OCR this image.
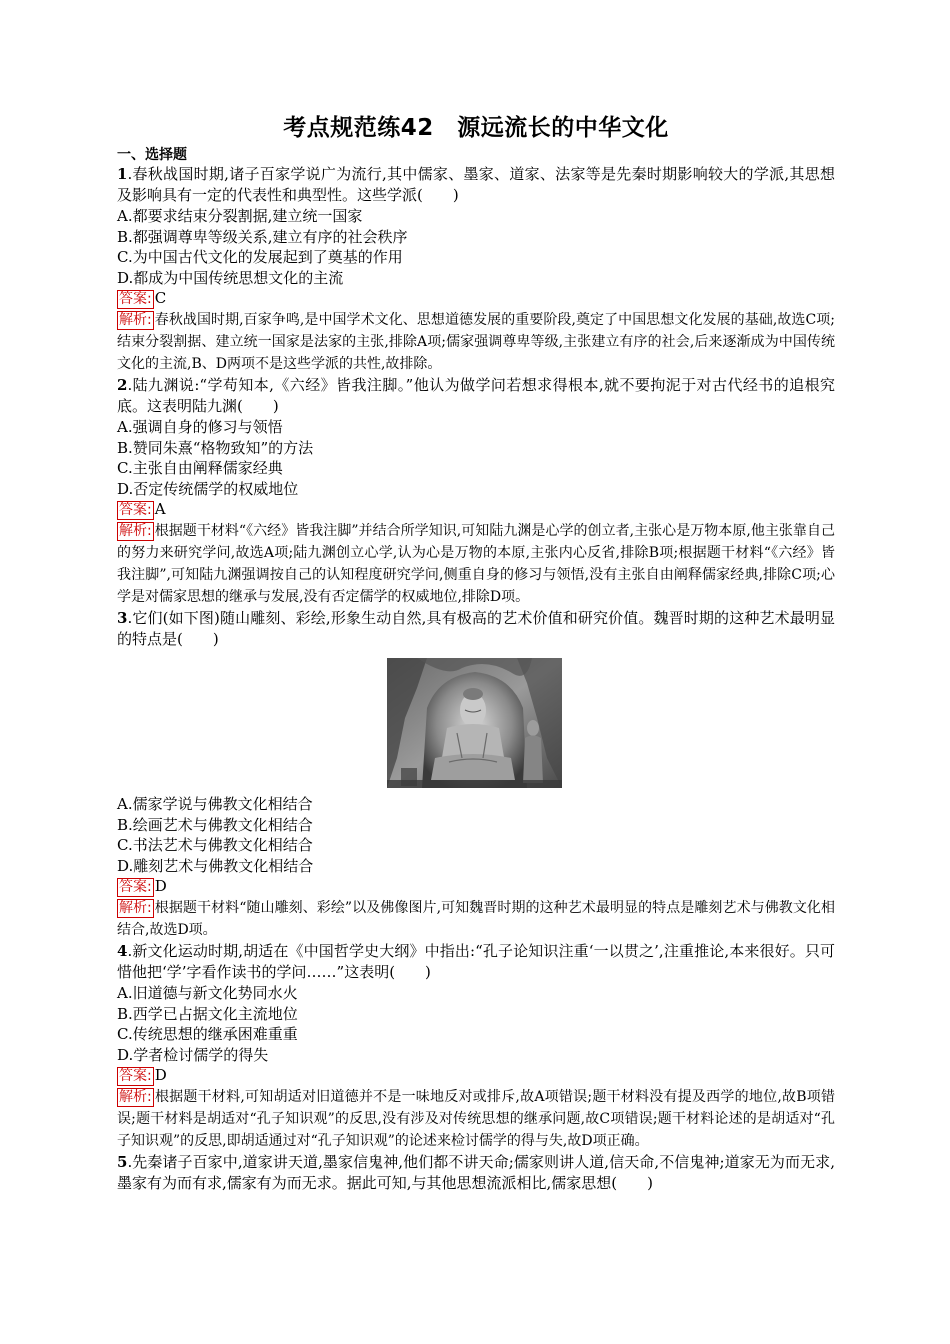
考点规范练42　源远流长的中华文化

一、选择题

1.春秋战国时期,诸子百家学说广为流行,其中儒家、墨家、道家、法家等是先秦时期影响较大的学派,其思想及影响具有一定的代表性和典型性。这些学派(　　)

A.都要求结束分裂割据,建立统一国家

B.都强调尊卑等级关系,建立有序的社会秩序

C.为中国古代文化的发展起到了奠基的作用

D.都成为中国传统思想文化的主流

答案: C

解析: 春秋战国时期,百家争鸣,是中国学术文化、思想道德发展的重要阶段,奠定了中国思想文化发展的基础,故选C项;结束分裂割据、建立统一国家是法家的主张,排除A项;儒家强调尊卑等级,主张建立有序的社会,后来逐渐成为中国传统文化的主流,B、D两项不是这些学派的共性,故排除。

2.陆九渊说:“学苟知本,《六经》皆我注脚。”他认为做学问若想求得根本,就不要拘泥于对古代经书的追根究底。这表明陆九渊(　　)

A.强调自身的修习与领悟

B.赞同朱熹“格物致知”的方法

C.主张自由阐释儒家经典

D.否定传统儒学的权威地位

答案: A

解析: 根据题干材料“《六经》皆我注脚”并结合所学知识,可知陆九渊是心学的创立者,主张心是万物本原,他主张靠自己的努力来研究学问,故选A项;陆九渊创立心学,认为心是万物的本原,主张内心反省,排除B项;根据题干材料“《六经》皆我注脚”,可知陆九渊强调按自己的认知程度研究学问,侧重自身的修习与领悟,没有主张自由阐释儒家经典,排除C项;心学是对儒家思想的继承与发展,没有否定儒学的权威地位,排除D项。

3.它们(如下图)随山雕刻、彩绘,形象生动自然,具有极高的艺术价值和研究价值。魏晋时期的这种艺术最明显的特点是(　　)

A.儒家学说与佛教文化相结合

B.绘画艺术与佛教文化相结合

C.书法艺术与佛教文化相结合

D.雕刻艺术与佛教文化相结合

答案: D

解析: 根据题干材料“随山雕刻、彩绘”以及佛像图片,可知魏晋时期的这种艺术最明显的特点是雕刻艺术与佛教文化相结合,故选D项。

4.新文化运动时期,胡适在《中国哲学史大纲》中指出:“孔子论知识注重‘一以贯之’,注重推论,本来很好。只可惜他把‘学’字看作读书的学问……”这表明(　　)

A.旧道德与新文化势同水火

B.西学已占据文化主流地位

C.传统思想的继承困难重重

D.学者检讨儒学的得失

答案: D

解析: 根据题干材料,可知胡适对旧道德并不是一味地反对或排斥,故A项错误;题干材料没有提及西学的地位,故B项错误;题干材料是胡适对“孔子知识观”的反思,没有涉及对传统思想的继承问题,故C项错误;题干材料论述的是胡适对“孔子知识观”的反思,即胡适通过对“孔子知识观”的论述来检讨儒学的得与失,故D项正确。

5.先秦诸子百家中,道家讲天道,墨家信鬼神,他们都不讲天命;儒家则讲人道,信天命,不信鬼神;道家无为而无求,墨家有为而有求,儒家有为而无求。据此可知,与其他思想流派相比,儒家思想(　　)
